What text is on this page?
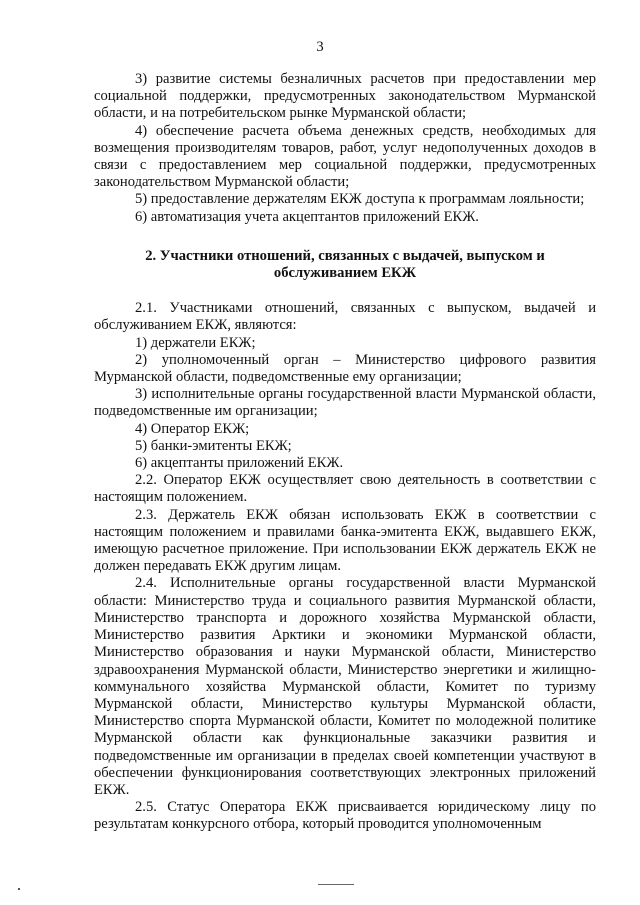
3

3) развитие системы безналичных расчетов при предоставлении мер социальной поддержки, предусмотренных законодательством Мурманской области, и на потребительском рынке Мурманской области;

4) обеспечение расчета объема денежных средств, необходимых для возмещения производителям товаров, работ, услуг недополученных доходов в связи с предоставлением мер социальной поддержки, предусмотренных законодательством Мурманской области;

5) предоставление держателям ЕКЖ доступа к программам лояльности;

6) автоматизация учета акцептантов приложений ЕКЖ.

2. Участники отношений, связанных с выдачей, выпуском и
обслуживанием ЕКЖ

2.1. Участниками отношений, связанных с выпуском, выдачей и обслуживанием ЕКЖ, являются:

1) держатели ЕКЖ;

2) уполномоченный орган – Министерство цифрового развития Мурманской области, подведомственные ему организации;

3) исполнительные органы государственной власти Мурманской области, подведомственные им организации;

4) Оператор ЕКЖ;

5) банки-эмитенты ЕКЖ;

6) акцептанты приложений ЕКЖ.

2.2. Оператор ЕКЖ осуществляет свою деятельность в соответствии с настоящим положением.

2.3. Держатель ЕКЖ обязан использовать ЕКЖ в соответствии с настоящим положением и правилами банка-эмитента ЕКЖ, выдавшего ЕКЖ, имеющую расчетное приложение. При использовании ЕКЖ держатель ЕКЖ не должен передавать ЕКЖ другим лицам.

2.4. Исполнительные органы государственной власти Мурманской области: Министерство труда и социального развития Мурманской области, Министерство транспорта и дорожного хозяйства Мурманской области, Министерство развития Арктики и экономики Мурманской области, Министерство образования и науки Мурманской области, Министерство здравоохранения Мурманской области, Министерство энергетики и жилищно-коммунального хозяйства Мурманской области, Комитет по туризму Мурманской области, Министерство культуры Мурманской области, Министерство спорта Мурманской области, Комитет по молодежной политике Мурманской области как функциональные заказчики развития и подведомственные им организации в пределах своей компетенции участвуют в обеспечении функционирования соответствующих электронных приложений ЕКЖ.

2.5. Статус Оператора ЕКЖ присваивается юридическому лицу по результатам конкурсного отбора, который проводится уполномоченным
